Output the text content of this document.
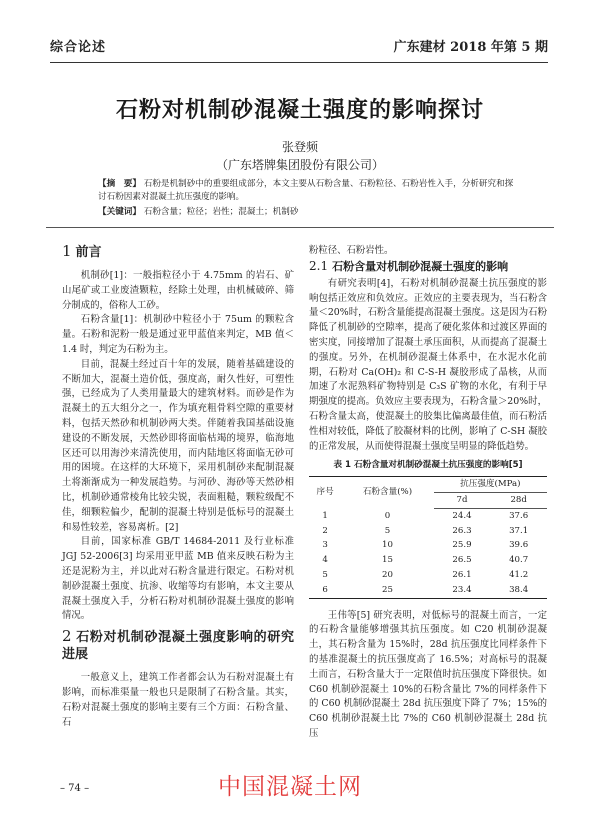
综合论述	广东建材 2018 年第 5 期
石粉对机制砂混凝土强度的影响探讨
张登频
（广东塔牌集团股份有限公司）
【摘　要】 石粉是机制砂中的重要组成部分，本文主要从石粉含量、石粉粒径、石粉岩性入手，分析研究和探讨石粉因素对混凝土抗压强度的影响。
【关键词】 石粉含量；粒径；岩性；混凝土；机制砂
1 前言

机制砂[1]：一般指粒径小于 4.75mm 的岩石、矿山尾矿或工业废渣颗粒，经除土处理，由机械破碎、筛分制成的，俗称人工砂。

石粉含量[1]：机制砂中粒径小于 75um 的颗粒含量。石粉和泥粉一般是通过亚甲蓝值来判定，MB 值＜1.4 时，判定为石粉为主。

目前，混凝土经过百十年的发展，随着基础建设的不断加大，混凝土造价低，强度高，耐久性好，可塑性强，已经成为了人类用量最大的建筑材料。而砂是作为混凝土的五大组分之一，作为填充粗骨料空隙的重要材料，包括天然砂和机制砂两大类。伴随着我国基础设施建设的不断发展，天然砂即将面临枯竭的境界，临海地区还可以用海沙来清洗使用，而内陆地区将面临无砂可用的困境。在这样的大环境下，采用机制砂来配制混凝土将渐渐成为一种发展趋势。与河砂、海砂等天然砂相比，机制砂通常棱角比较尖锐，表面粗糙，颗粒级配不佳，细颗粒偏少，配制的混凝土特别是低标号的混凝土和易性较差，容易离析。[2]

目前，国家标准 GB/T 14684-2011 及行业标准 JGJ 52-2006[3] 均采用亚甲蓝 MB 值来反映石粉为主还是泥粉为主，并以此对石粉含量进行限定。石粉对机制砂混凝土强度、抗渗、收缩等均有影响，本文主要从混凝土强度入手，分析石粉对机制砂混凝土强度的影响情况。

2 石粉对机制砂混凝土强度影响的研究进展

一般意义上，建筑工作者都会认为石粉对混凝土有影响，而标准渠量一般也只是限制了石粉含量。其实，石粉对混凝土强度的影响主要有三个方面：石粉含量、石

粉粒径、石粉岩性。
2.1 石粉含量对机制砂混凝土强度的影响

有研究表明[4]，石粉对机制砂混凝土抗压强度的影响包括正效应和负效应。正效应的主要表现为，当石粉含量＜20%时，石粉含量能提高混凝土强度。这是因为石粉降低了机制砂的空隙率，提高了硬化浆体和过渡区界面的密实度，同接增加了混凝土承压面积，从而提高了混凝土的强度。另外，在机制砂混凝土体系中，在水泥水化前期，石粉对 Ca(OH)₂ 和 C-S-H 凝胶形成了晶核，从而加速了水泥熟料矿物特别是 C₃S 矿物的水化，有利于早期强度的提高。负效应主要表现为，石粉含量＞20%时，石粉含量太高，使混凝土的胶集比偏离最佳值，而石粉活性相对较低，降低了胶凝材料的比例，影响了 C-SH 凝胶的正常发展，从而使得混凝土强度呈明显的降低趋势。

表 1 石粉含量对机制砂混凝土抗压强度的影响[5]
序号	石粉含量(%)	抗压强度(MPa)	
		7d	28d
1	0	24.4	37.6
2	5	26.3	37.1
3	10	25.9	39.6
4	15	26.5	40.7
5	20	26.1	41.2
6	25	23.4	38.4

王伟等[5] 研究表明，对低标号的混凝土而言，一定的石粉含量能够增强其抗压强度。如 C20 机制砂混凝土，其石粉含量为 15%时，28d 抗压强度比同样条件下的基准混凝土的抗压强度高了 16.5%；对高标号的混凝土而言，石粉含量大于一定限值时抗压强度下降很快。如 C60 机制砂混凝土 10%的石粉含量比 7%的同样条件下的 C60 机制砂混凝土 28d 抗压强度下降了 7%；15%的 C60 机制砂混凝土比 7%的 C60 机制砂混凝土 28d 抗压

– 74 –	中国混凝土网
